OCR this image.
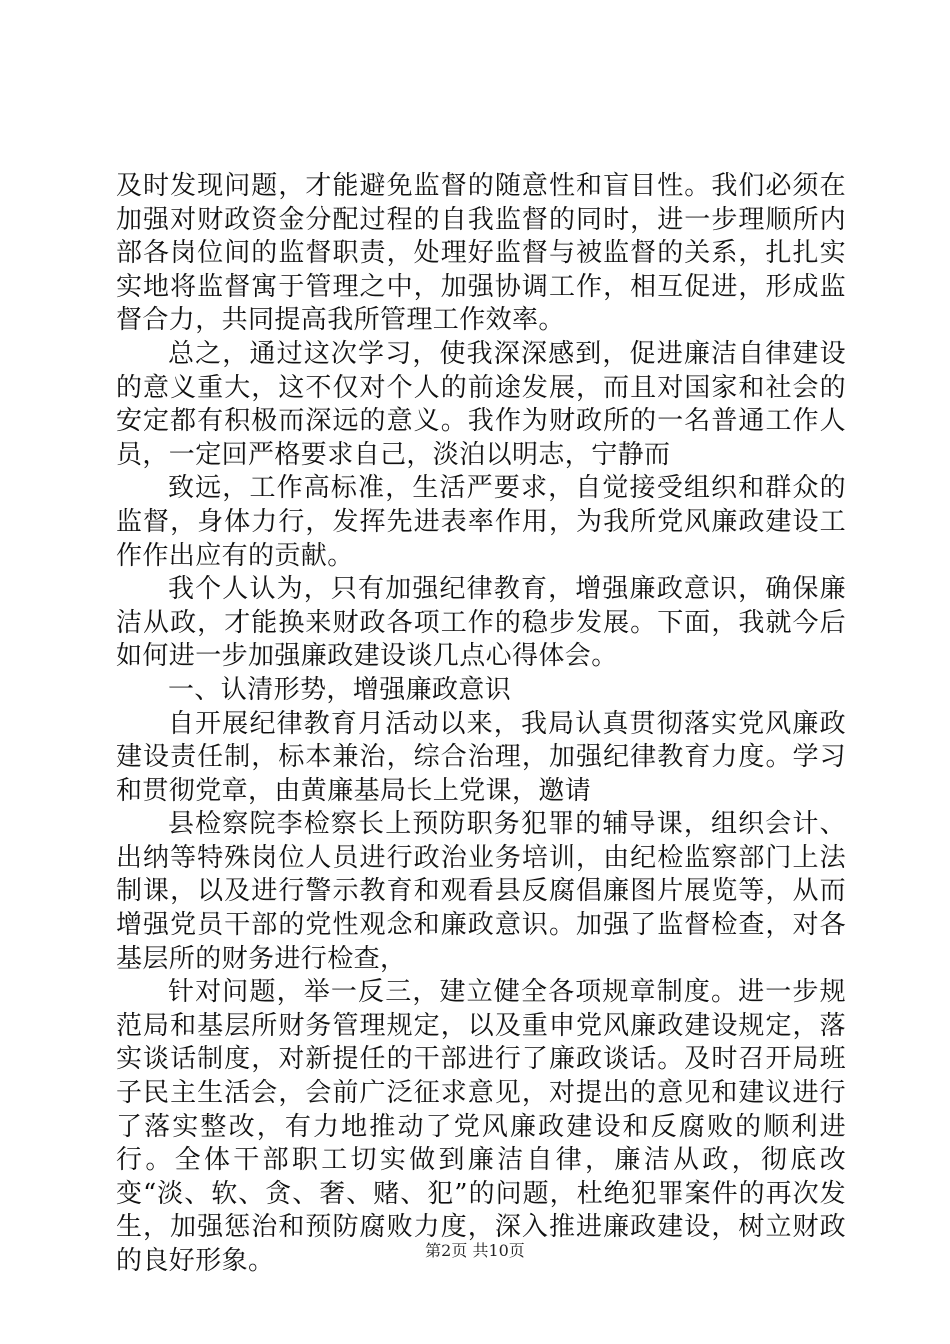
及时发现问题，才能避免监督的随意性和盲目性。我们必须在加强对财政资金分配过程的自我监督的同时，进一步理顺所内部各岗位间的监督职责，处理好监督与被监督的关系，扎扎实实地将监督寓于管理之中，加强协调工作，相互促进，形成监督合力，共同提高我所管理工作效率。

总之，通过这次学习，使我深深感到，促进廉洁自律建设的意义重大，这不仅对个人的前途发展，而且对国家和社会的安定都有积极而深远的意义。我作为财政所的一名普通工作人员，一定回严格要求自己，淡泊以明志，宁静而

致远，工作高标准，生活严要求，自觉接受组织和群众的监督，身体力行，发挥先进表率作用，为我所党风廉政建设工作作出应有的贡献。

我个人认为，只有加强纪律教育，增强廉政意识，确保廉洁从政，才能换来财政各项工作的稳步发展。下面，我就今后如何进一步加强廉政建设谈几点心得体会。

一、认清形势，增强廉政意识

自开展纪律教育月活动以来，我局认真贯彻落实党风廉政建设责任制，标本兼治，综合治理，加强纪律教育力度。学习和贯彻党章，由黄廉基局长上党课，邀请

县检察院李检察长上预防职务犯罪的辅导课，组织会计、出纳等特殊岗位人员进行政治业务培训，由纪检监察部门上法制课，以及进行警示教育和观看县反腐倡廉图片展览等，从而增强党员干部的党性观念和廉政意识。加强了监督检查，对各基层所的财务进行检查，

针对问题，举一反三，建立健全各项规章制度。进一步规范局和基层所财务管理规定，以及重申党风廉政建设规定，落实谈话制度，对新提任的干部进行了廉政谈话。及时召开局班子民主生活会，会前广泛征求意见，对提出的意见和建议进行了落实整改，有力地推动了党风廉政建设和反腐败的顺利进行。全体干部职工切实做到廉洁自律，廉洁从政，彻底改变“淡、软、贪、奢、赌、犯”的问题，杜绝犯罪案件的再次发生，加强惩治和预防腐败力度，深入推进廉政建设，树立财政的良好形象。	第2页 共10页
